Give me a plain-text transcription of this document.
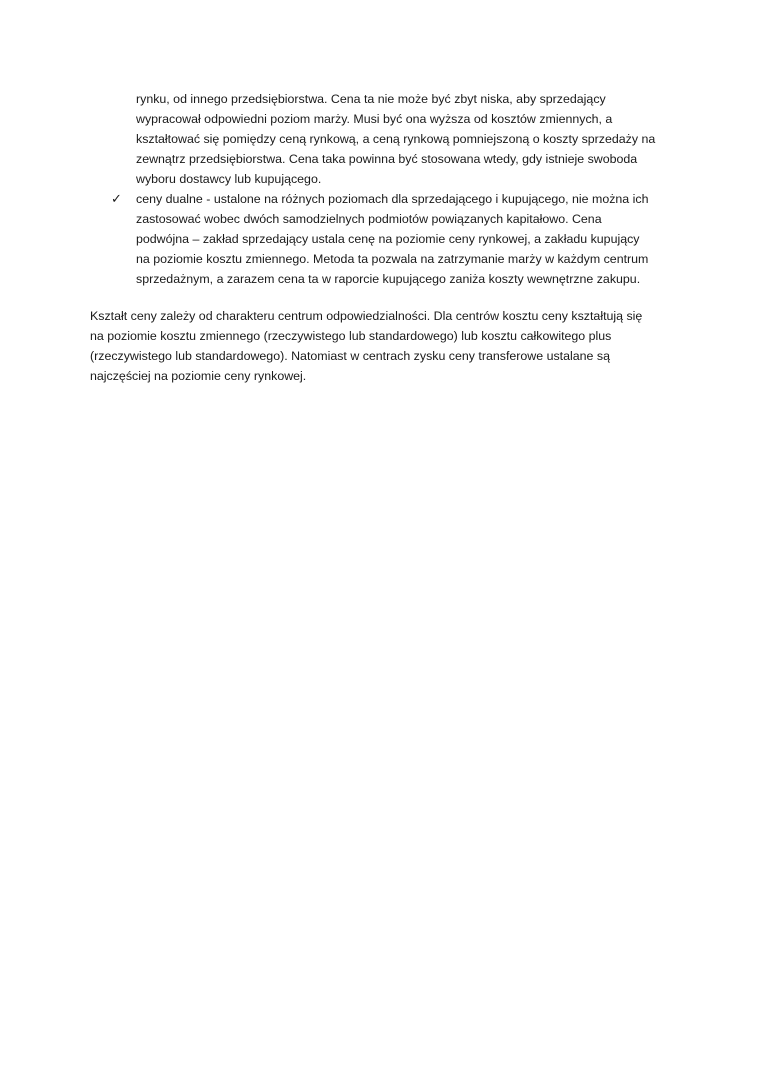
rynku, od innego przedsiębiorstwa. Cena ta nie może być zbyt niska, aby sprzedający
wypracował odpowiedni poziom marży. Musi być ona wyższa od kosztów zmiennych, a
kształtować się pomiędzy ceną rynkową, a ceną rynkową pomniejszoną o koszty sprzedaży na
zewnątrz przedsiębiorstwa. Cena taka powinna być stosowana wtedy, gdy istnieje swoboda
wyboru dostawcy lub kupującego.
✓ ceny dualne - ustalone na różnych poziomach dla sprzedającego i kupującego, nie można ich
zastosować wobec dwóch samodzielnych podmiotów powiązanych kapitałowo. Cena
podwójna – zakład sprzedający ustala cenę na poziomie ceny rynkowej, a zakładu kupujący
na poziomie kosztu zmiennego. Metoda ta pozwala na zatrzymanie marży w każdym centrum
sprzedażnym, a zarazem cena ta w raporcie kupującego zaniża koszty wewnętrzne zakupu.
Kształt ceny zależy od charakteru centrum odpowiedzialności. Dla centrów kosztu ceny kształtują się
na poziomie kosztu zmiennego (rzeczywistego lub standardowego) lub kosztu całkowitego plus
(rzeczywistego lub standardowego). Natomiast w centrach zysku ceny transferowe ustalane są
najczęściej na poziomie ceny rynkowej.
